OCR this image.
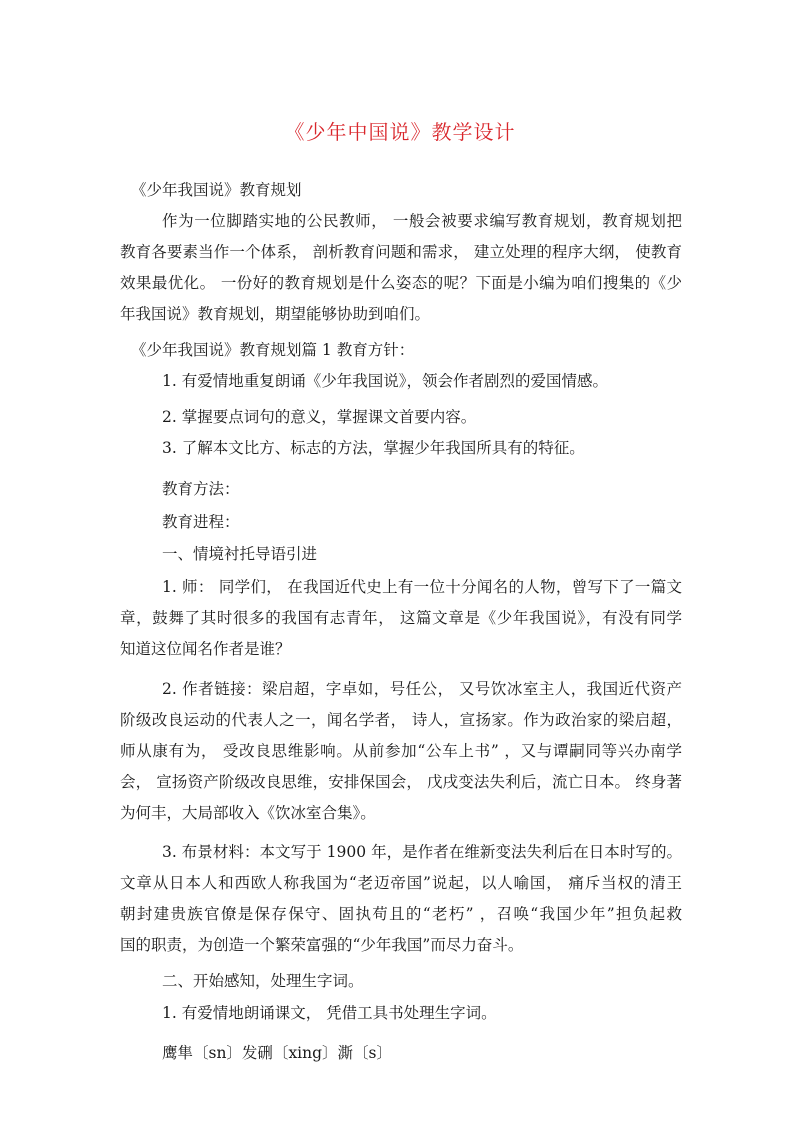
《少年中国说》教学设计
《少年我国说》教育规划
作为一位脚踏实地的公民教师， 一般会被要求编写教育规划，教育规划把
教育各要素当作一个体系， 剖析教育问题和需求， 建立处理的程序大纲， 使教育
效果最优化。 一份好的教育规划是什么姿态的呢？下面是小编为咱们搜集的《少
年我国说》教育规划，期望能够协助到咱们。
《少年我国说》教育规划篇 1 教育方针：
1. 有爱情地重复朗诵《少年我国说》，领会作者剧烈的爱国情感。
2. 掌握要点词句的意义，掌握课文首要内容。
3. 了解本文比方、标志的方法，掌握少年我国所具有的特征。
教育方法：
教育进程：
一、情境衬托导语引进
1. 师： 同学们， 在我国近代史上有一位十分闻名的人物，曾写下了一篇文
章，鼓舞了其时很多的我国有志青年， 这篇文章是《少年我国说》，有没有同学
知道这位闻名作者是谁？
2. 作者链接：梁启超，字卓如，号任公， 又号饮冰室主人，我国近代资产
阶级改良运动的代表人之一，闻名学者， 诗人，宣扬家。作为政治家的梁启超，
师从康有为， 受改良思维影响。从前参加“公车上书” ，又与谭嗣同等兴办南学
会， 宣扬资产阶级改良思维，安排保国会， 戊戌变法失利后，流亡日本。 终身著
为何丰，大局部收入《饮冰室合集》。
3. 布景材料：本文写于 1900 年，是作者在维新变法失利后在日本时写的。
文章从日本人和西欧人称我国为“老迈帝国”说起，以人喻国， 痛斥当权的清王
朝封建贵族官僚是保存保守、固执苟且的“老朽” ，召唤“我国少年”担负起救
国的职责，为创造一个繁荣富强的“少年我国”而尽力奋斗。
二、开始感知，处理生字词。
1. 有爱情地朗诵课文， 凭借工具书处理生字词。
鹰隼〔sn〕发硎〔xing〕澌〔s〕
